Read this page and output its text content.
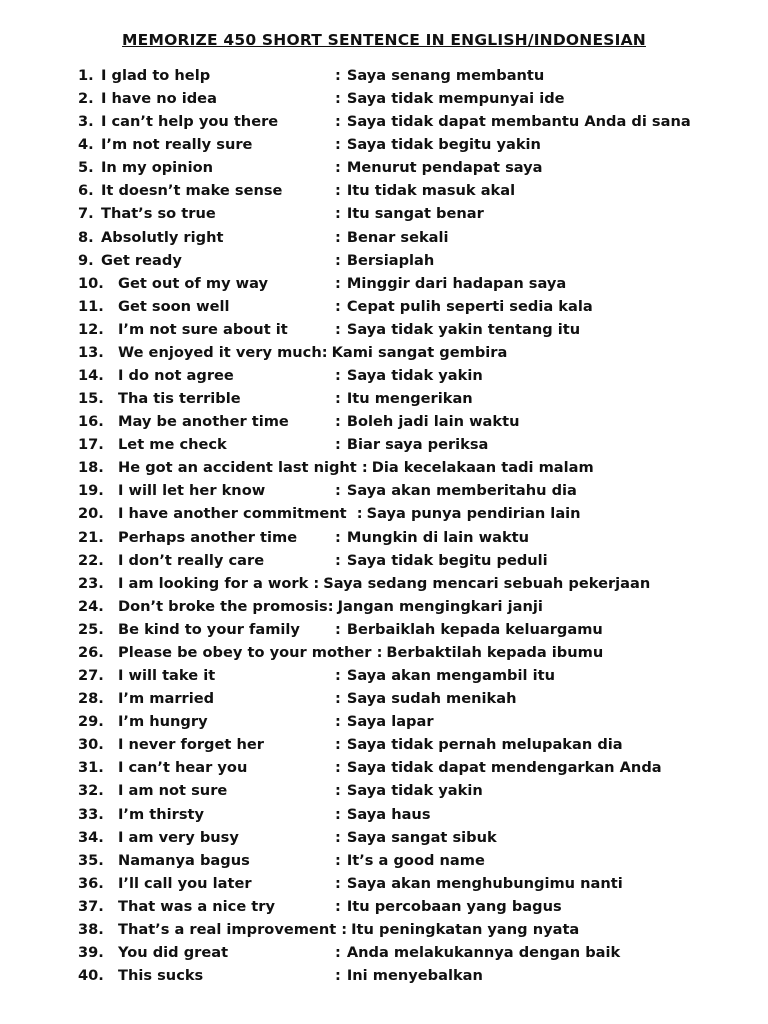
MEMORIZE 450 SHORT SENTENCE IN ENGLISH/INDONESIAN
1. I glad to help	: Saya senang membantu
2. I have no idea	: Saya tidak mempunyai ide
3. I can’t help you there	: Saya tidak dapat membantu Anda di sana
4. I’m not really sure	: Saya tidak begitu yakin
5. In my opinion	: Menurut pendapat saya
6. It doesn’t make sense	: Itu tidak masuk akal
7. That’s so true	: Itu sangat benar
8. Absolutly right	: Benar sekali
9. Get ready	: Bersiaplah
10. Get out of my way	: Minggir dari hadapan saya
11. Get soon well	: Cepat pulih seperti sedia kala
12. I’m not sure about it	: Saya tidak yakin tentang itu
13. We enjoyed it very much: Kami sangat gembira
14. I do not agree	: Saya tidak yakin
15. Tha tis terrible	: Itu mengerikan
16. May be another time	: Boleh jadi lain waktu
17. Let me check	: Biar saya periksa
18. He got an accident last night : Dia kecelakaan tadi malam
19. I will let her know	: Saya akan memberitahu dia
20. I have another commitment  : Saya punya pendirian lain
21. Perhaps another time	: Mungkin di lain waktu
22. I don’t really care	: Saya tidak begitu peduli
23. I am looking for a work : Saya sedang mencari sebuah pekerjaan
24. Don’t broke the promosis: Jangan mengingkari janji
25. Be kind to your family : Berbaiklah kepada keluargamu
26. Please be obey to your mother : Berbaktilah kepada ibumu
27. I will take it	: Saya akan mengambil itu
28. I’m married	: Saya sudah menikah
29. I’m hungry	: Saya lapar
30. I never forget her	: Saya tidak pernah melupakan dia
31. I can’t hear you	: Saya tidak dapat mendengarkan Anda
32. I am not sure	: Saya tidak yakin
33. I’m thirsty	: Saya haus
34. I am very busy	: Saya sangat sibuk
35. Namanya bagus	: It’s a good name
36. I’ll call you later	: Saya akan menghubungimu nanti
37. That was a nice try	: Itu percobaan yang bagus
38. That’s a real improvement : Itu peningkatan yang nyata
39. You did great	: Anda melakukannya dengan baik
40. This sucks	: Ini menyebalkan
